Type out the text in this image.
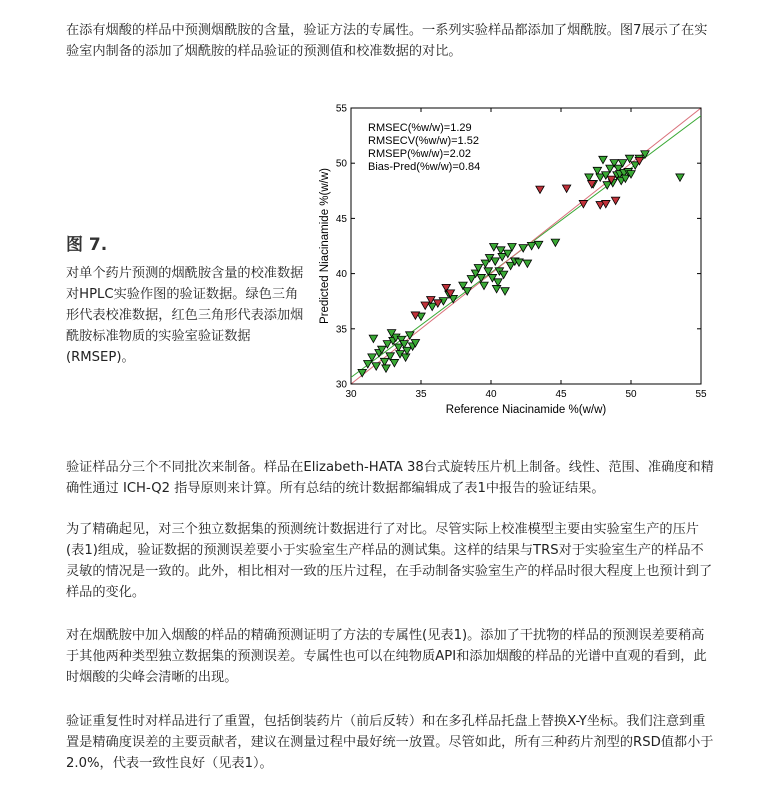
在添有烟酸的样品中预测烟酰胺的含量，验证方法的专属性。一系列实验样品都添加了烟酰胺。图7展示了在实验室内制备的添加了烟酰胺的样品验证的预测值和校准数据的对比。

图 7.

对单个药片预测的烟酰胺含量的校准数据对HPLC实验作图的验证数据。绿色三角形代表校准数据，红色三角形代表添加烟酰胺标准物质的实验室验证数据(RMSEP)。

30	35	40	45	50	55
30
35
40
45
50
55
RMSEC(%w/w)=1.29
RMSECV(%w/w)=1.52
RMSEP(%w/w)=2.02
Bias-Pred(%w/w)=0.84
Reference Niacinamide %(w/w)
Predicted Niacinamide %(w/w)

验证样品分三个不同批次来制备。样品在Elizabeth-HATA 38台式旋转压片机上制备。线性、范围、准确度和精确性通过 ICH-Q2 指导原则来计算。所有总结的统计数据都编辑成了表1中报告的验证结果。

为了精确起见，对三个独立数据集的预测统计数据进行了对比。尽管实际上校准模型主要由实验室生产的压片(表1)组成，验证数据的预测误差要小于实验室生产样品的测试集。这样的结果与TRS对于实验室生产的样品不灵敏的情况是一致的。此外，相比相对一致的压片过程，在手动制备实验室生产的样品时很大程度上也预计到了样品的变化。

对在烟酰胺中加入烟酸的样品的精确预测证明了方法的专属性(见表1)。添加了干扰物的样品的预测误差要稍高于其他两种类型独立数据集的预测误差。专属性也可以在纯物质API和添加烟酸的样品的光谱中直观的看到，此时烟酸的尖峰会清晰的出现。

验证重复性时对样品进行了重置，包括倒装药片（前后反转）和在多孔样品托盘上替换X-Y坐标。我们注意到重置是精确度误差的主要贡献者，建议在测量过程中最好统一放置。尽管如此，所有三种药片剂型的RSD值都小于2.0%，代表一致性良好（见表1）。
